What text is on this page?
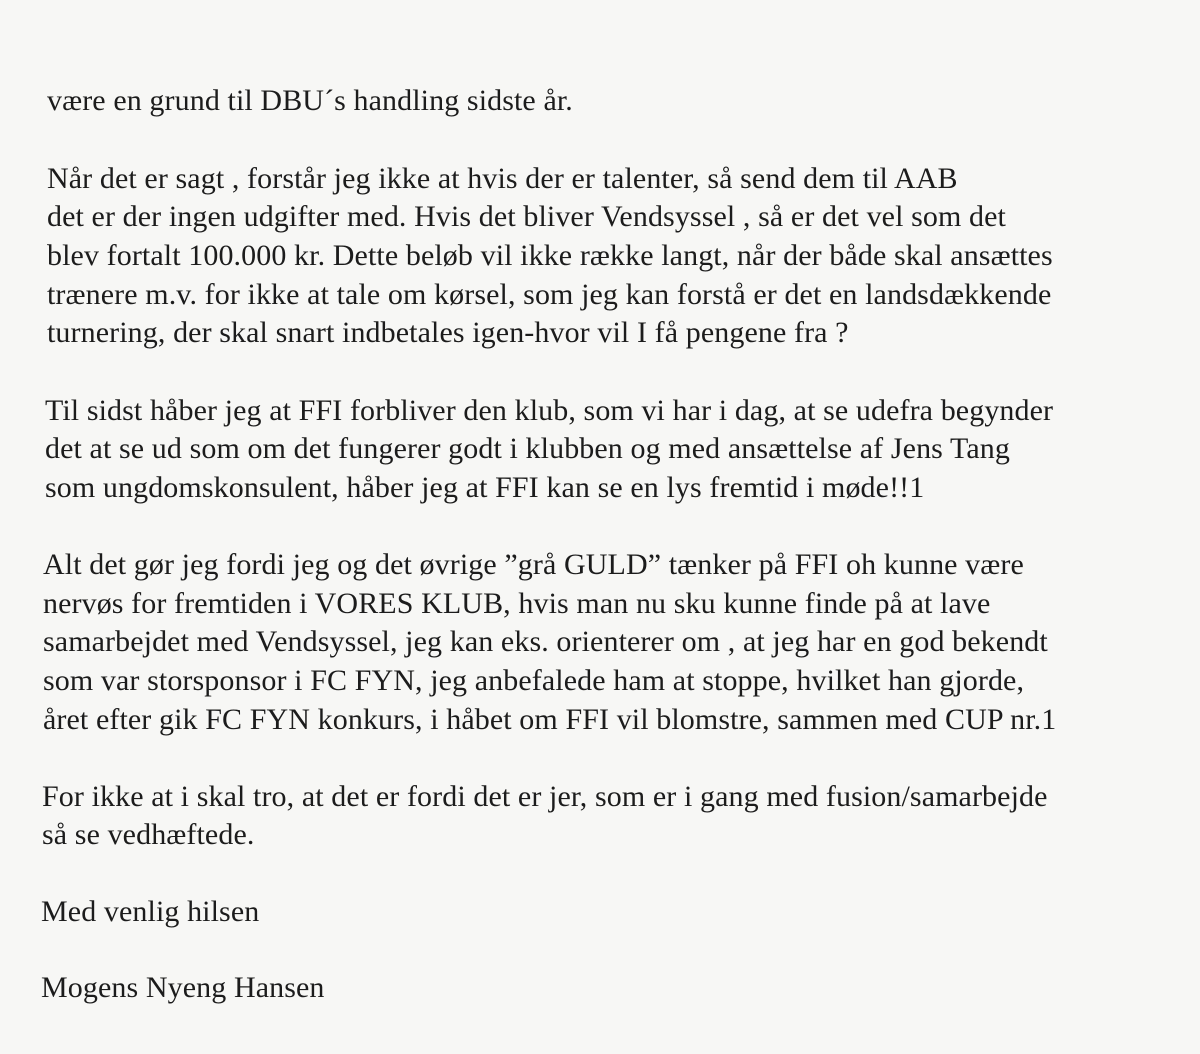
være en grund til DBU´s handling sidste år.
Når det er sagt , forstår jeg ikke at hvis der er talenter, så send dem til AAB
det er der ingen udgifter med. Hvis det bliver Vendsyssel , så er det vel som det
blev fortalt 100.000 kr. Dette beløb vil ikke række langt, når der både skal ansættes
trænere m.v. for ikke at tale om kørsel, som jeg kan forstå er det en landsdækkende
turnering, der skal snart indbetales igen-hvor vil I få pengene fra ?
Til sidst håber jeg at FFI forbliver den klub, som vi har i dag, at se udefra begynder
det at se ud som om det fungerer godt i klubben og med ansættelse af Jens Tang
som ungdomskonsulent, håber jeg at FFI kan se en lys fremtid i møde!!1
Alt det gør jeg fordi jeg og det øvrige ”grå GULD” tænker på FFI oh kunne være
nervøs for fremtiden i VORES KLUB, hvis man nu sku kunne finde på at lave
samarbejdet med Vendsyssel, jeg kan eks. orienterer om , at jeg har en god bekendt
som var storsponsor i FC FYN, jeg anbefalede ham at stoppe, hvilket han gjorde,
året efter gik FC FYN konkurs, i håbet om FFI vil blomstre, sammen med CUP nr.1
For ikke at i skal tro, at det er fordi det er jer, som er i gang med fusion/samarbejde
så se vedhæftede.
Med venlig hilsen
Mogens Nyeng Hansen
